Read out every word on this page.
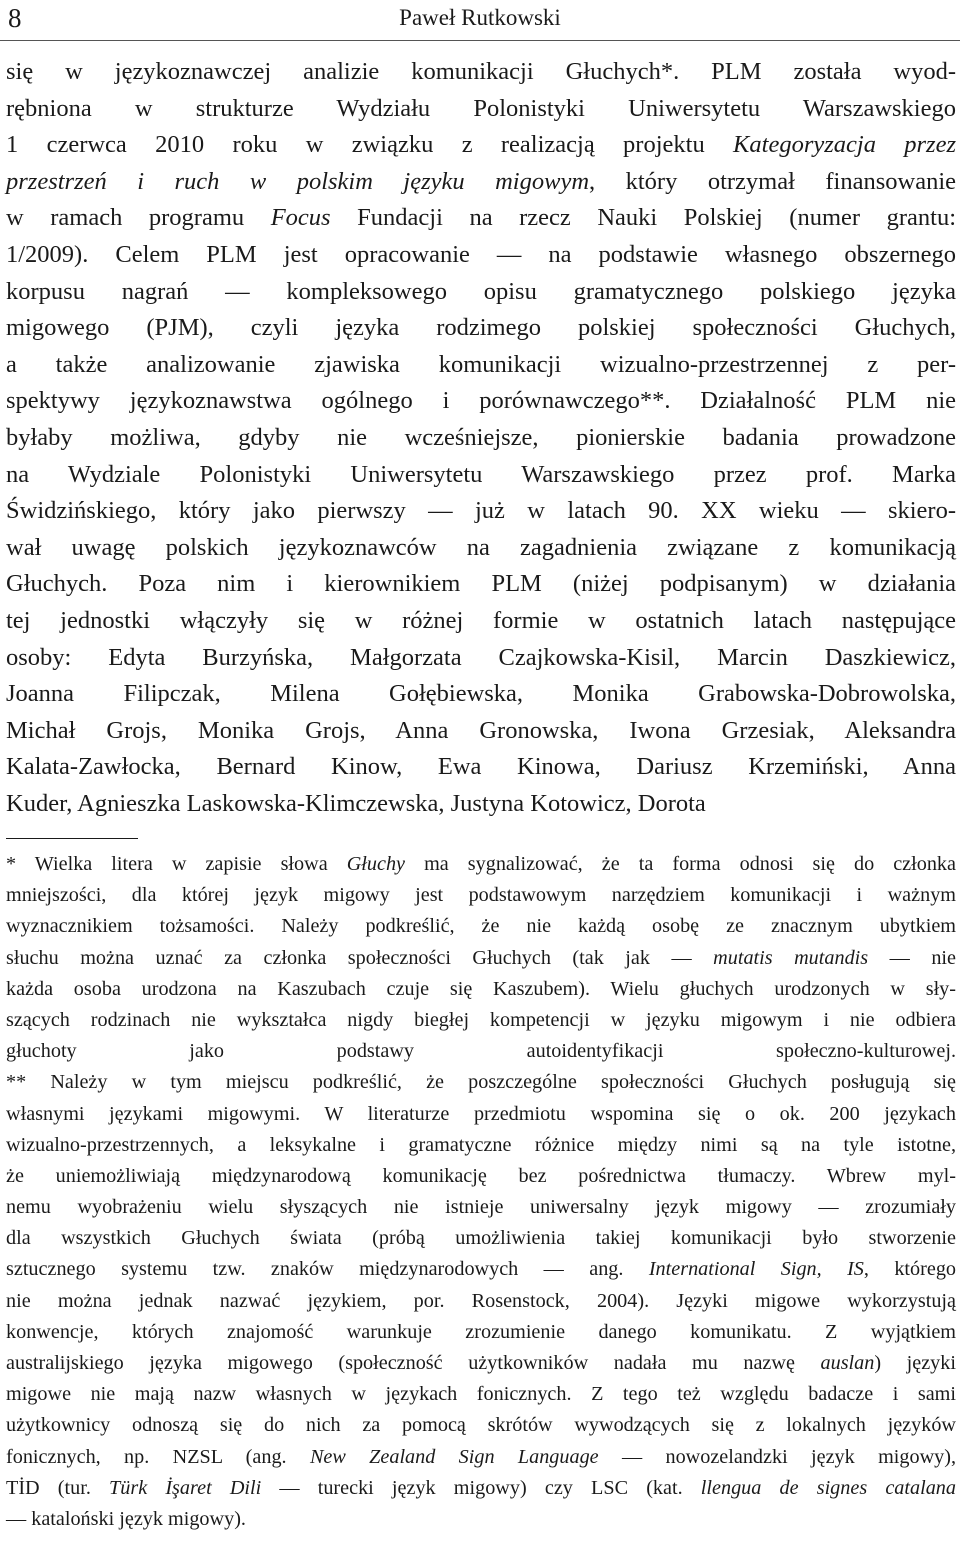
8	Paweł Rutkowski
się w językoznawczej analizie komunikacji Głuchych*. PLM została wyod-
rębniona w strukturze Wydziału Polonistyki Uniwersytetu Warszawskiego
1 czerwca 2010 roku w związku z realizacją projektu Kategoryzacja przez
przestrzeń i ruch w polskim języku migowym, który otrzymał finansowanie
w ramach programu Focus Fundacji na rzecz Nauki Polskiej (numer grantu:
1/2009). Celem PLM jest opracowanie — na podstawie własnego obszernego
korpusu nagrań — kompleksowego opisu gramatycznego polskiego języka
migowego (PJM), czyli języka rodzimego polskiej społeczności Głuchych,
a także analizowanie zjawiska komunikacji wizualno-przestrzennej z per-
spektywy językoznawstwa ogólnego i porównawczego**. Działalność PLM nie
byłaby możliwa, gdyby nie wcześniejsze, pionierskie badania prowadzone
na Wydziale Polonistyki Uniwersytetu Warszawskiego przez prof. Marka
Świdzińskiego, który jako pierwszy — już w latach 90. XX wieku — skiero-
wał uwagę polskich językoznawców na zagadnienia związane z komunikacją
Głuchych. Poza nim i kierownikiem PLM (niżej podpisanym) w działania
tej jednostki włączyły się w różnej formie w ostatnich latach następujące
osoby: Edyta Burzyńska, Małgorzata Czajkowska-Kisil, Marcin Daszkiewicz,
Joanna Filipczak, Milena Gołębiewska, Monika Grabowska-Dobrowolska,
Michał Grojs, Monika Grojs, Anna Gronowska, Iwona Grzesiak, Aleksandra
Kalata-Zawłocka, Bernard Kinow, Ewa Kinowa, Dariusz Krzemiński, Anna
Kuder, Agnieszka Laskowska-Klimczewska, Justyna Kotowicz, Dorota
* Wielka litera w zapisie słowa Głuchy ma sygnalizować, że ta forma odnosi się do członka
mniejszości, dla której język migowy jest podstawowym narzędziem komunikacji i ważnym
wyznacznikiem tożsamości. Należy podkreślić, że nie każdą osobę ze znacznym ubytkiem
słuchu można uznać za członka społeczności Głuchych (tak jak — mutatis mutandis — nie
każda osoba urodzona na Kaszubach czuje się Kaszubem). Wielu głuchych urodzonych w sły-
szących rodzinach nie wykształca nigdy biegłej kompetencji w języku migowym i nie odbiera
głuchoty jako podstawy autoidentyfikacji społeczno-kulturowej.
** Należy w tym miejscu podkreślić, że poszczególne społeczności Głuchych posługują się
własnymi językami migowymi. W literaturze przedmiotu wspomina się o ok. 200 językach
wizualno-przestrzennych, a leksykalne i gramatyczne różnice między nimi są na tyle istotne,
że uniemożliwiają międzynarodową komunikację bez pośrednictwa tłumaczy. Wbrew myl-
nemu wyobrażeniu wielu słyszących nie istnieje uniwersalny język migowy — zrozumiały
dla wszystkich Głuchych świata (próbą umożliwienia takiej komunikacji było stworzenie
sztucznego systemu tzw. znaków międzynarodowych — ang. International Sign, IS, którego
nie można jednak nazwać językiem, por. Rosenstock, 2004). Języki migowe wykorzystują
konwencje, których znajomość warunkuje zrozumienie danego komunikatu. Z wyjątkiem
australijskiego języka migowego (społeczność użytkowników nadała mu nazwę auslan) języki
migowe nie mają nazw własnych w językach fonicznych. Z tego też względu badacze i sami
użytkownicy odnoszą się do nich za pomocą skrótów wywodzących się z lokalnych języków
fonicznych, np. NZSL (ang. New Zealand Sign Language — nowozelandzki język migowy),
TİD (tur. Türk İşaret Dili — turecki język migowy) czy LSC (kat. llengua de signes catalana
— kataloński język migowy).
